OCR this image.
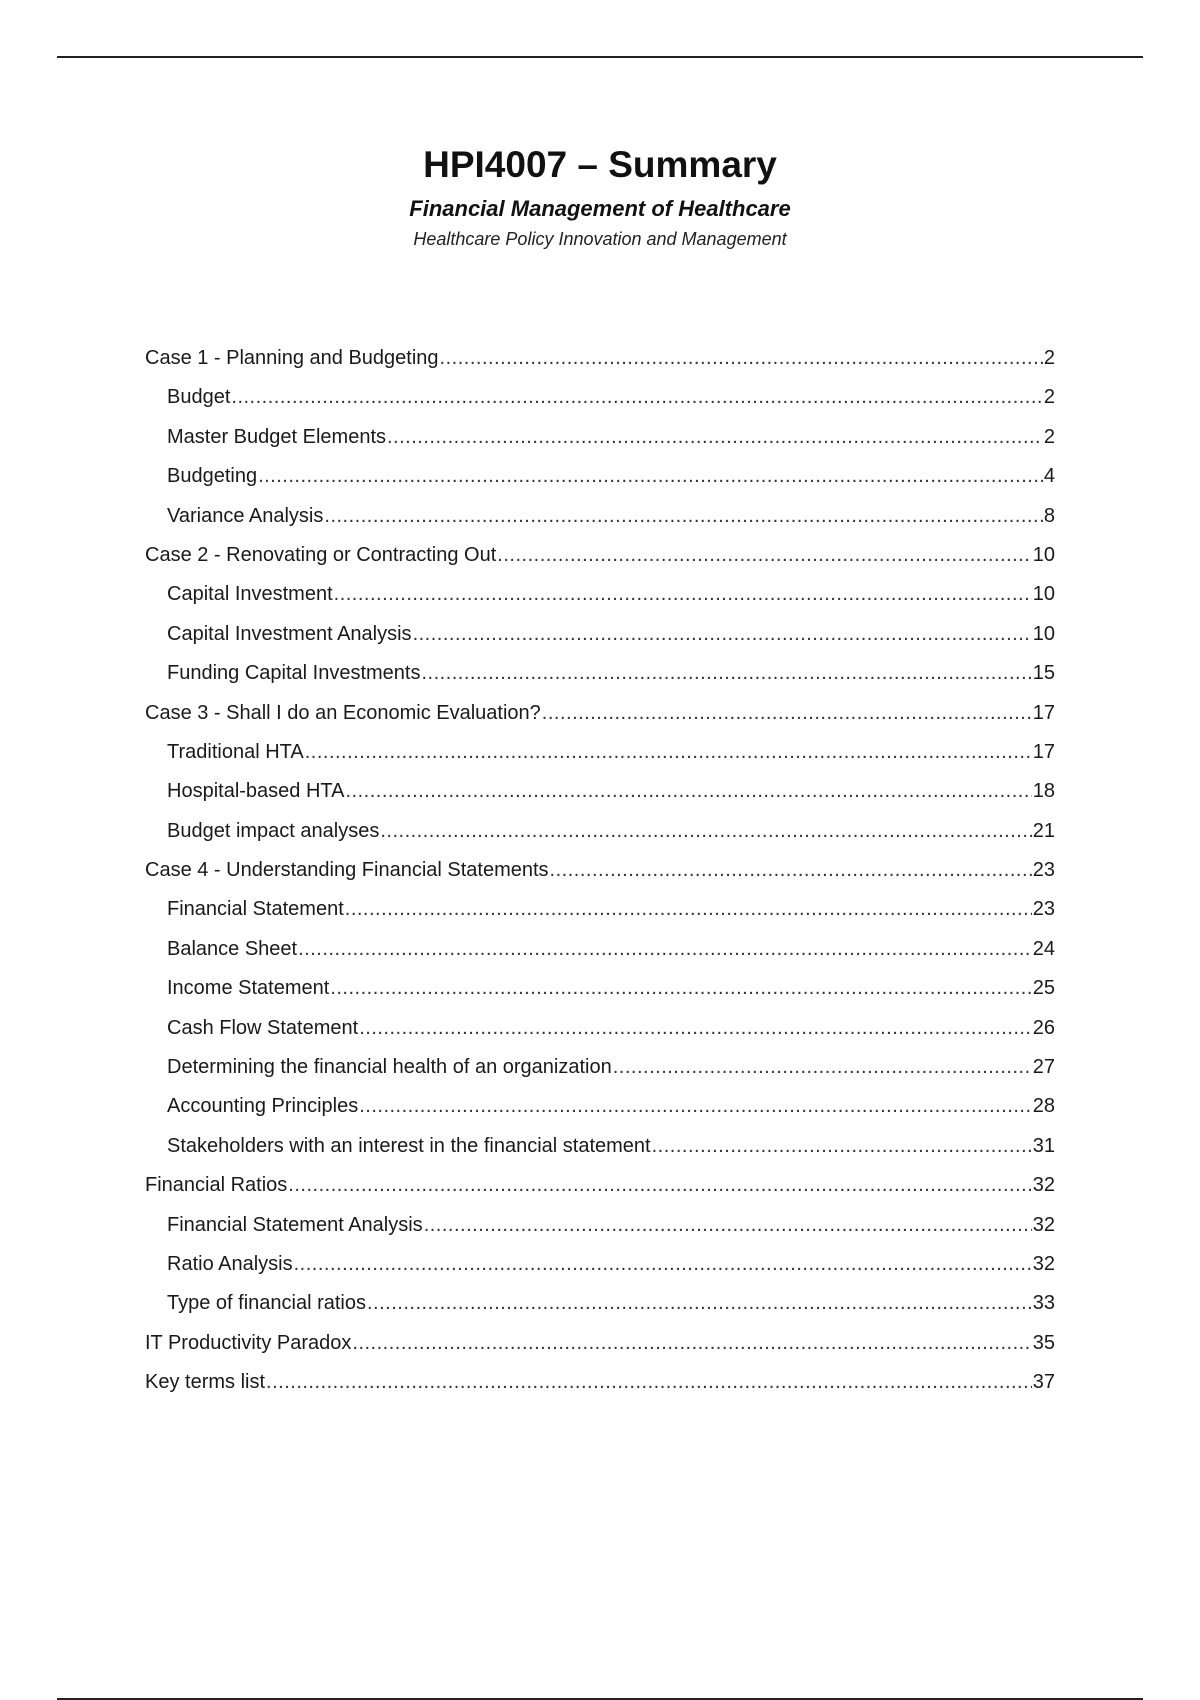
HPI4007 – Summary
Financial Management of Healthcare
Healthcare Policy Innovation and Management
Case 1 - Planning and Budgeting .....	2
Budget .....	2
Master Budget Elements .....	2
Budgeting .....	4
Variance Analysis .....	8
Case 2 - Renovating or Contracting Out .....	10
Capital Investment .....	10
Capital Investment Analysis .....	10
Funding Capital Investments .....	15
Case 3 - Shall I do an Economic Evaluation? .....	17
Traditional HTA .....	17
Hospital-based HTA .....	18
Budget impact analyses .....	21
Case 4 - Understanding Financial Statements .....	23
Financial Statement .....	23
Balance Sheet .....	24
Income Statement .....	25
Cash Flow Statement .....	26
Determining the financial health of an organization .....	27
Accounting Principles .....	28
Stakeholders with an interest in the financial statement .....	31
Financial Ratios .....	32
Financial Statement Analysis .....	32
Ratio Analysis .....	32
Type of financial ratios .....	33
IT Productivity Paradox .....	35
Key terms list .....	37
